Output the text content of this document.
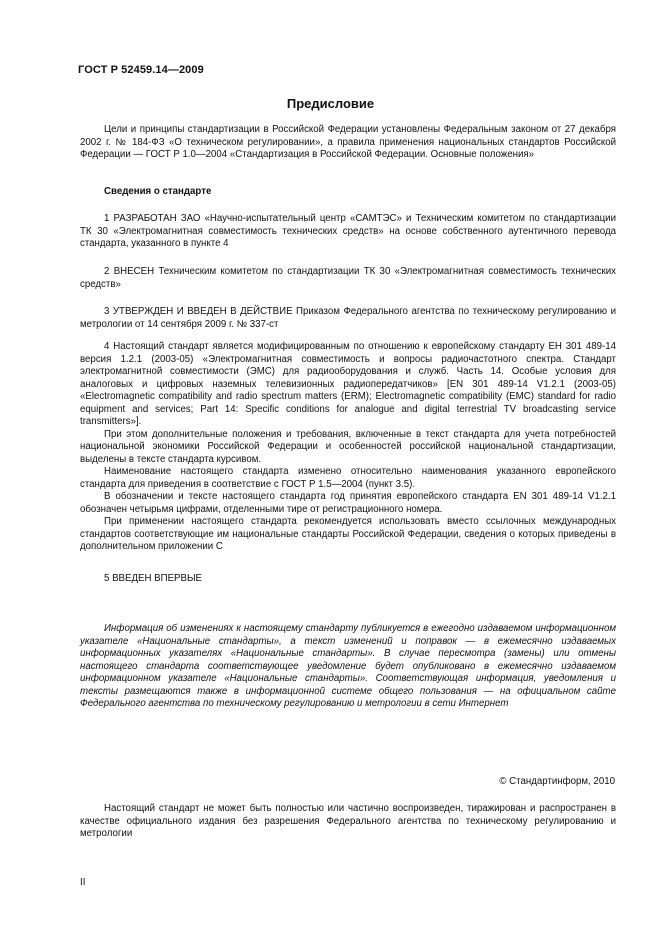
ГОСТ Р 52459.14—2009
Предисловие

Цели и принципы стандартизации в Российской Федерации установлены Федеральным законом от 27 декабря 2002 г. № 184-ФЗ «О техническом регулировании», а правила применения национальных стандартов Российской Федерации — ГОСТ Р 1.0—2004 «Стандартизация в Российской Федерации. Основные положения»

Сведения о стандарте

1 РАЗРАБОТАН ЗАО «Научно-испытательный центр «САМТЭС» и Техническим комитетом по стандартизации ТК 30 «Электромагнитная совместимость технических средств» на основе собственного аутентичного перевода стандарта, указанного в пункте 4

2 ВНЕСЕН Техническим комитетом по стандартизации ТК 30 «Электромагнитная совместимость технических средств»

3 УТВЕРЖДЕН И ВВЕДЕН В ДЕЙСТВИЕ Приказом Федерального агентства по техническому регулированию и метрологии от 14 сентября 2009 г. № 337-ст

4 Настоящий стандарт является модифицированным по отношению к европейскому стандарту ЕН 301 489-14 версия 1.2.1 (2003-05) «Электромагнитная совместимость и вопросы радиочастотного спектра. Стандарт электромагнитной совместимости (ЭМС) для радиооборудования и служб. Часть 14. Особые условия для аналоговых и цифровых наземных телевизионных радиопередатчиков» [EN 301 489-14 V1.2.1 (2003-05) «Electromagnetic compatibility and radio spectrum matters (ERM); Electromagnetic compatibility (EMC) standard for radio equipment and services; Part 14: Specific conditions for analogue and digital terrestrial TV broadcasting service transmitters»].

При этом дополнительные положения и требования, включенные в текст стандарта для учета потребностей национальной экономики Российской Федерации и особенностей российской национальной стандартизации, выделены в тексте стандарта курсивом.

Наименование настоящего стандарта изменено относительно наименования указанного европейского стандарта для приведения в соответствие с ГОСТ Р 1.5—2004 (пункт 3.5).

В обозначении и тексте настоящего стандарта год принятия европейского стандарта EN 301 489-14 V1.2.1 обозначен четырьмя цифрами, отделенными тире от регистрационного номера.

При применении настоящего стандарта рекомендуется использовать вместо ссылочных международных стандартов соответствующие им национальные стандарты Российской Федерации, сведения о которых приведены в дополнительном приложении С

5 ВВЕДЕН ВПЕРВЫЕ

Информация об изменениях к настоящему стандарту публикуется в ежегодно издаваемом информационном указателе «Национальные стандарты», а текст изменений и поправок — в ежемесячно издаваемых информационных указателях «Национальные стандарты». В случае пересмотра (замены) или отмены настоящего стандарта соответствующее уведомление будет опубликовано в ежемесячно издаваемом информационном указателе «Национальные стандарты». Соответствующая информация, уведомления и тексты размещаются также в информационной системе общего пользования — на официальном сайте Федерального агентства по техническому регулированию и метрологии в сети Интернет

© Стандартинформ, 2010

Настоящий стандарт не может быть полностью или частично воспроизведен, тиражирован и распространен в качестве официального издания без разрешения Федерального агентства по техническому регулированию и метрологии

II
